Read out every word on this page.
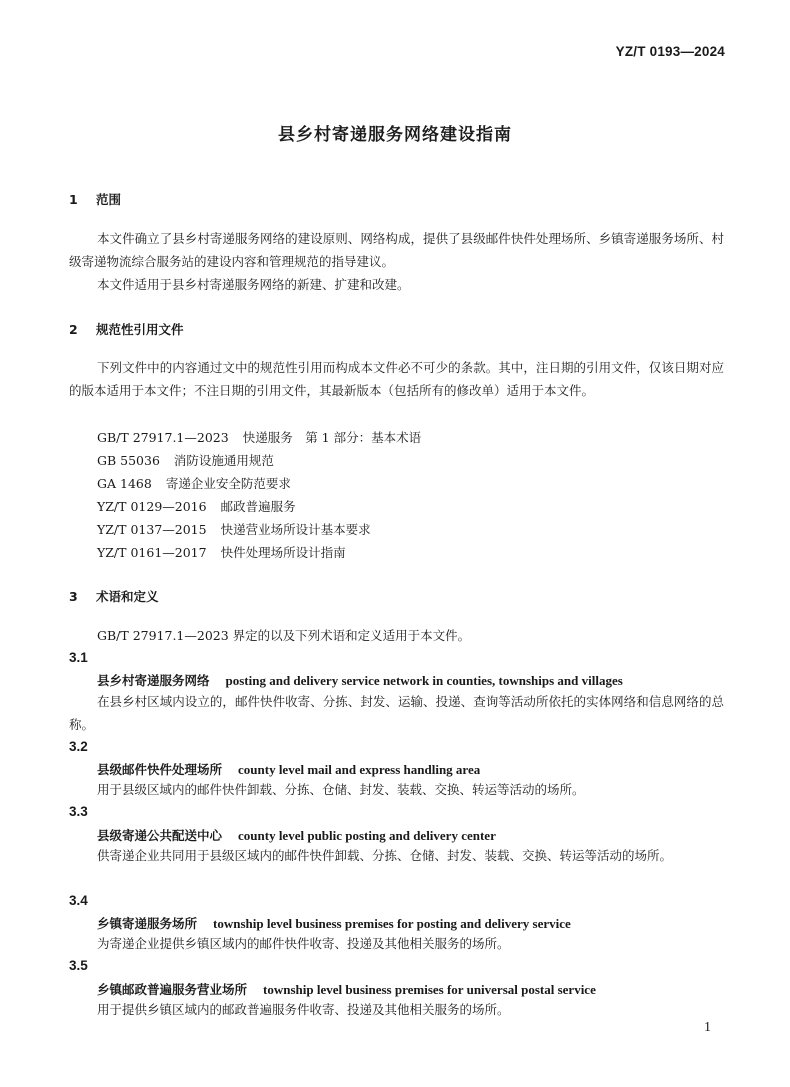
YZ/T 0193—2024
县乡村寄递服务网络建设指南
1 范围

本文件确立了县乡村寄递服务网络的建设原则、网络构成，提供了县级邮件快件处理场所、乡镇寄递服务场所、村级寄递物流综合服务站的建设内容和管理规范的指导建议。

本文件适用于县乡村寄递服务网络的新建、扩建和改建。

2 规范性引用文件

下列文件中的内容通过文中的规范性引用而构成本文件必不可少的条款。其中，注日期的引用文件，仅该日期对应的版本适用于本文件；不注日期的引用文件，其最新版本（包括所有的修改单）适用于本文件。

GB/T 27917.1—2023 快递服务　第 1 部分：基本术语
GB 55036 消防设施通用规范
GA 1468 寄递企业安全防范要求
YZ/T 0129—2016 邮政普遍服务
YZ/T 0137—2015 快递营业场所设计基本要求
YZ/T 0161—2017 快件处理场所设计指南
3 术语和定义

GB/T 27917.1—2023 界定的以及下列术语和定义适用于本文件。

3.1
县乡村寄递服务网络 posting and delivery service network in counties, townships and villages

在县乡村区域内设立的，邮件快件收寄、分拣、封发、运输、投递、查询等活动所依托的实体网络和信息网络的总称。

3.2
县级邮件快件处理场所 county level mail and express handling area

用于县级区域内的邮件快件卸载、分拣、仓储、封发、装载、交换、转运等活动的场所。

3.3
县级寄递公共配送中心 county level public posting and delivery center

供寄递企业共同用于县级区域内的邮件快件卸载、分拣、仓储、封发、装载、交换、转运等活动的场所。

3.4
乡镇寄递服务场所 township level business premises for posting and delivery service

为寄递企业提供乡镇区域内的邮件快件收寄、投递及其他相关服务的场所。

3.5
乡镇邮政普遍服务营业场所 township level business premises for universal postal service

用于提供乡镇区域内的邮政普遍服务件收寄、投递及其他相关服务的场所。

1
